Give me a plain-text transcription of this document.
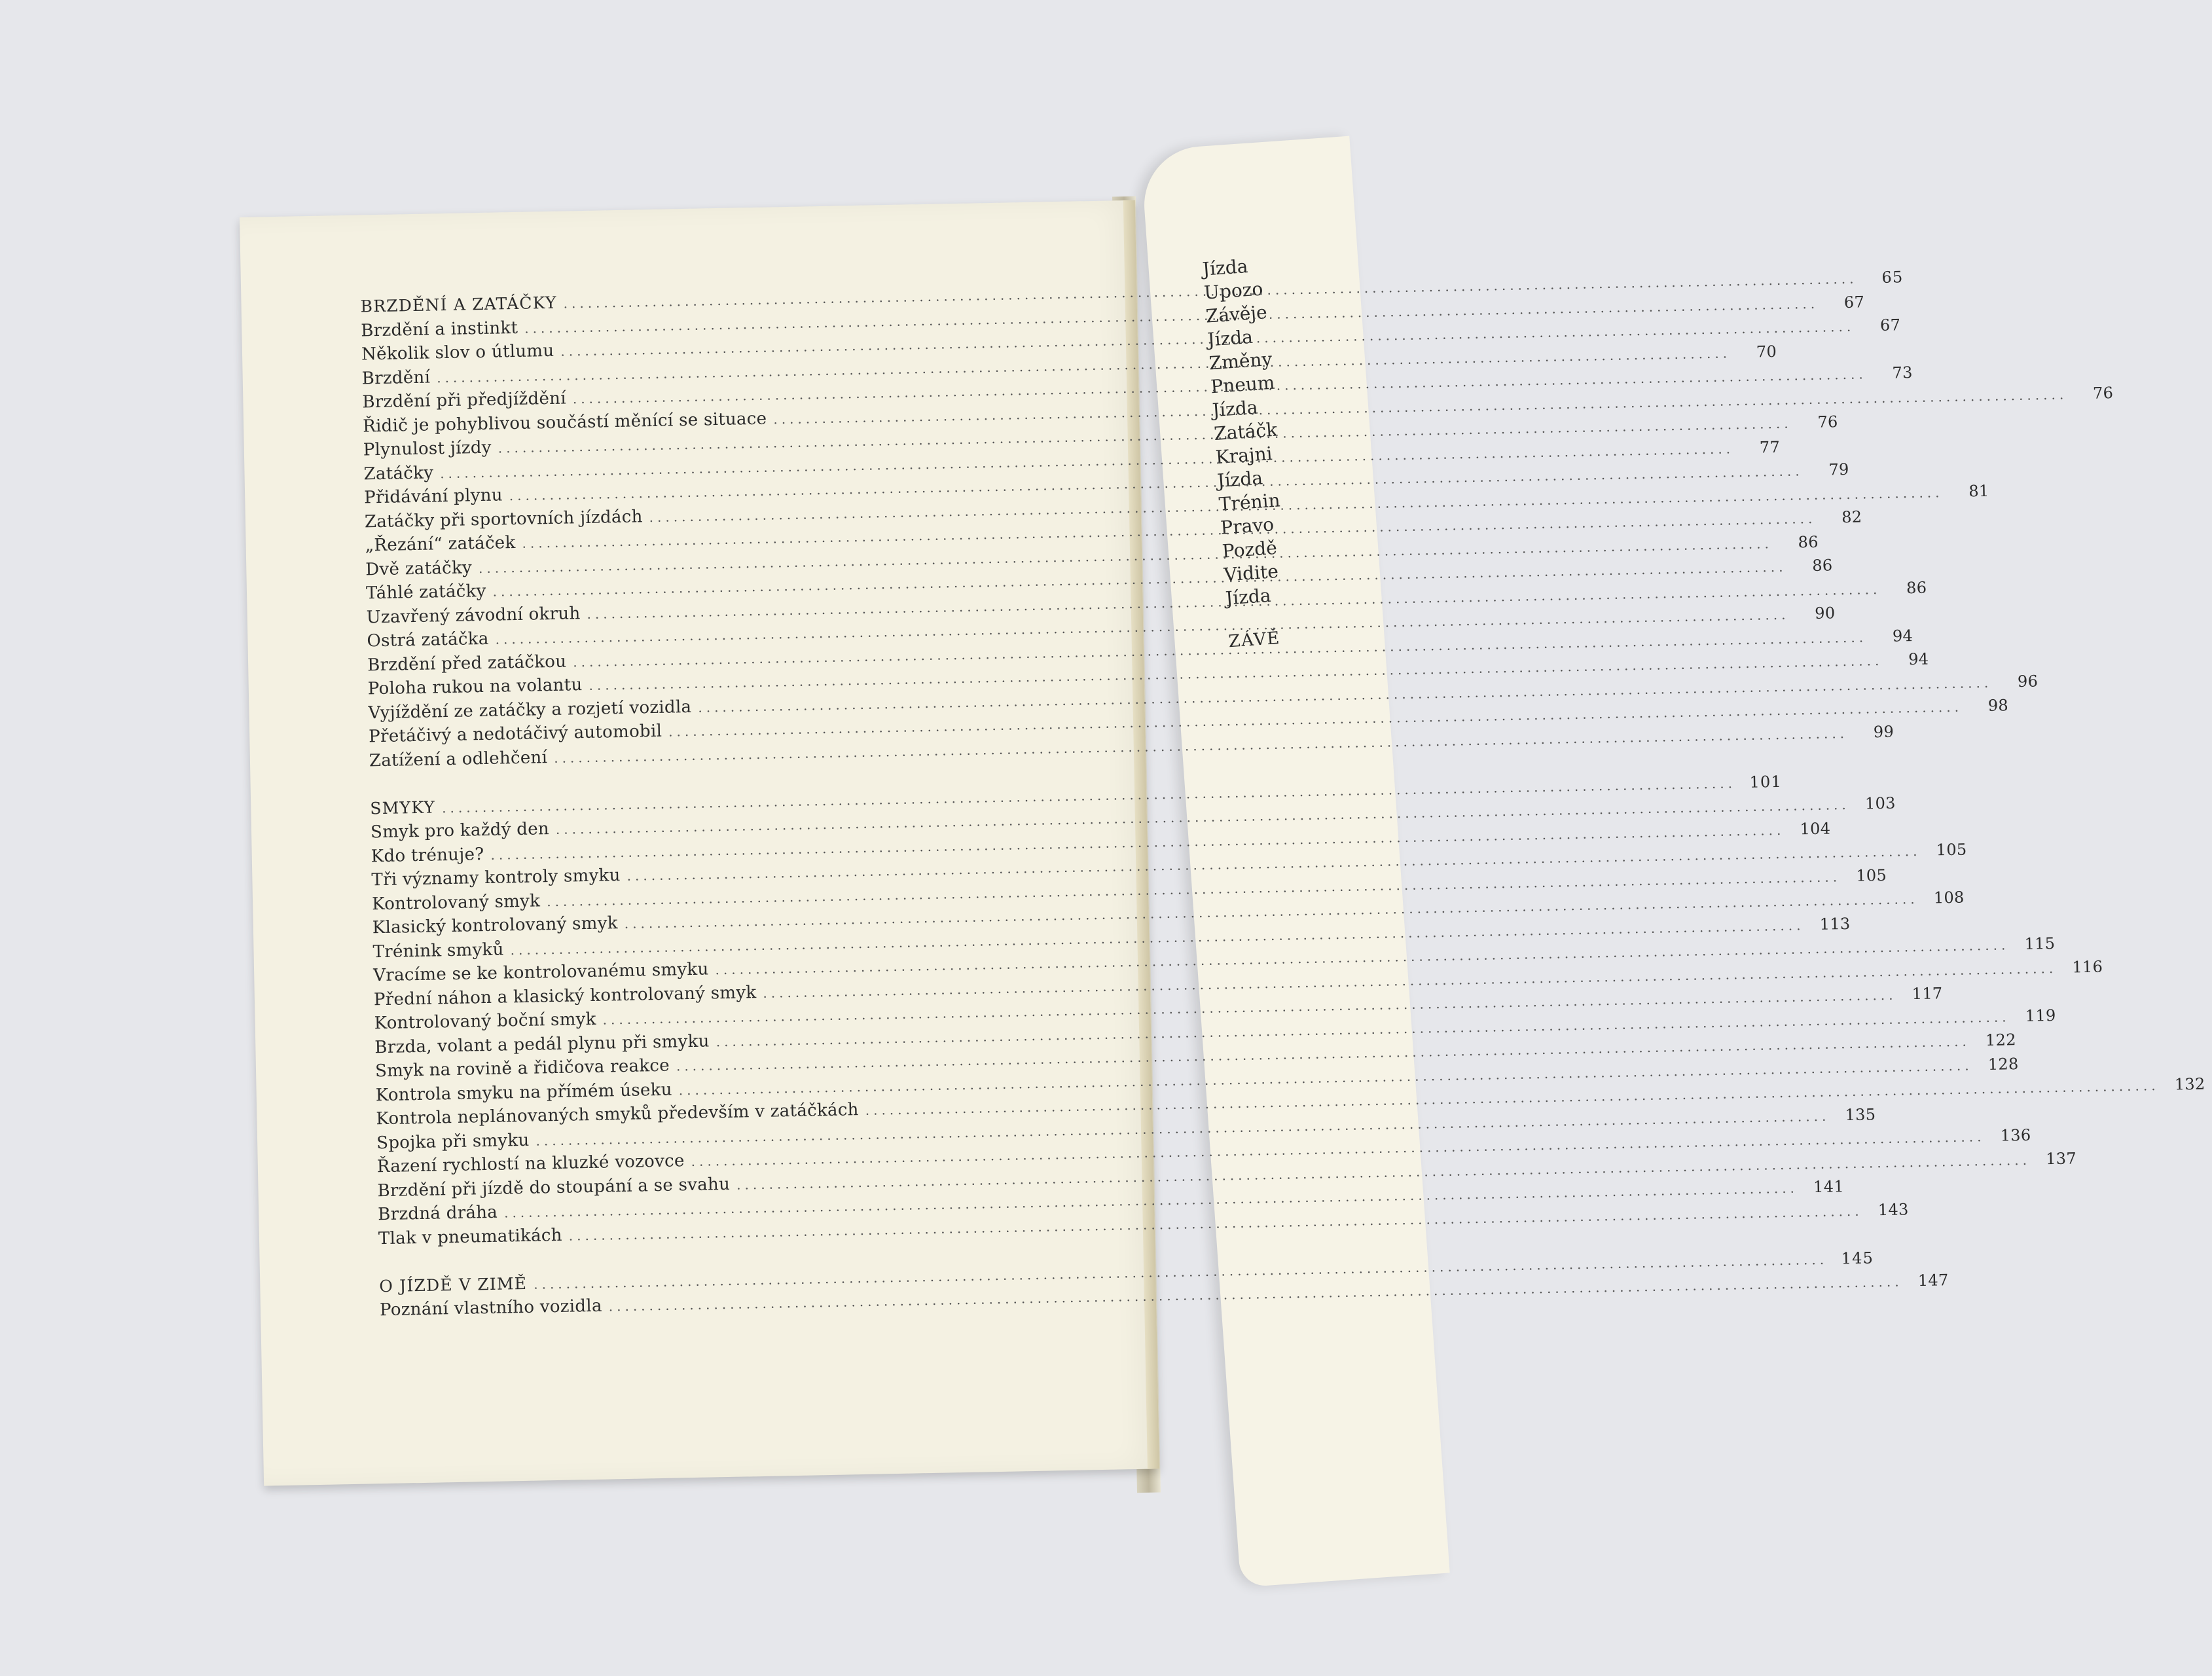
Jízda
Upozo
Závěje
Jízda
Změny
Pneum
Jízda
Zatáčk
Krajni
Jízda
Trénin
Pravo
Pozdě
Vidite
Jízda
ZÁVĚ
BRZDĚNÍ A ZATÁČKY
.....
65
Brzdění a instinkt
.....
67
Několik slov o útlumu
.....
67
Brzdění
.....
70
Brzdění při předjíždění
.....
73
Řidič je pohyblivou součástí měnící se situace
.....
76
Plynulost jízdy
.....
76
Zatáčky
.....
77
Přidávání plynu
.....
79
Zatáčky při sportovních jízdách
.....
81
„Řezání“ zatáček
.....
82
Dvě zatáčky
.....
86
Táhlé zatáčky
.....
86
Uzavřený závodní okruh
.....
86
Ostrá zatáčka
.....
90
Brzdění před zatáčkou
.....
94
Poloha rukou na volantu
.....
94
Vyjíždění ze zatáčky a rozjetí vozidla
.....
96
Přetáčivý a nedotáčivý automobil
.....
98
Zatížení a odlehčení
.....
99
SMYKY
.....
101
Smyk pro každý den
.....
103
Kdo trénuje?
.....
104
Tři významy kontroly smyku
.....
105
Kontrolovaný smyk
.....
105
Klasický kontrolovaný smyk
.....
108
Trénink smyků
.....
113
Vracíme se ke kontrolovanému smyku
.....
115
Přední náhon a klasický kontrolovaný smyk
.....
116
Kontrolovaný boční smyk
.....
117
Brzda, volant a pedál plynu při smyku
.....
119
Smyk na rovině a řidičova reakce
.....
122
Kontrola smyku na přímém úseku
.....
128
Kontrola neplánovaných smyků především v zatáčkách
.....
132
Spojka při smyku
.....
135
Řazení rychlostí na kluzké vozovce
.....
136
Brzdění při jízdě do stoupání a se svahu
.....
137
Brzdná dráha
.....
141
Tlak v pneumatikách
.....
143
O JÍZDĚ V ZIMĚ
.....
145
Poznání vlastního vozidla
.....
147
